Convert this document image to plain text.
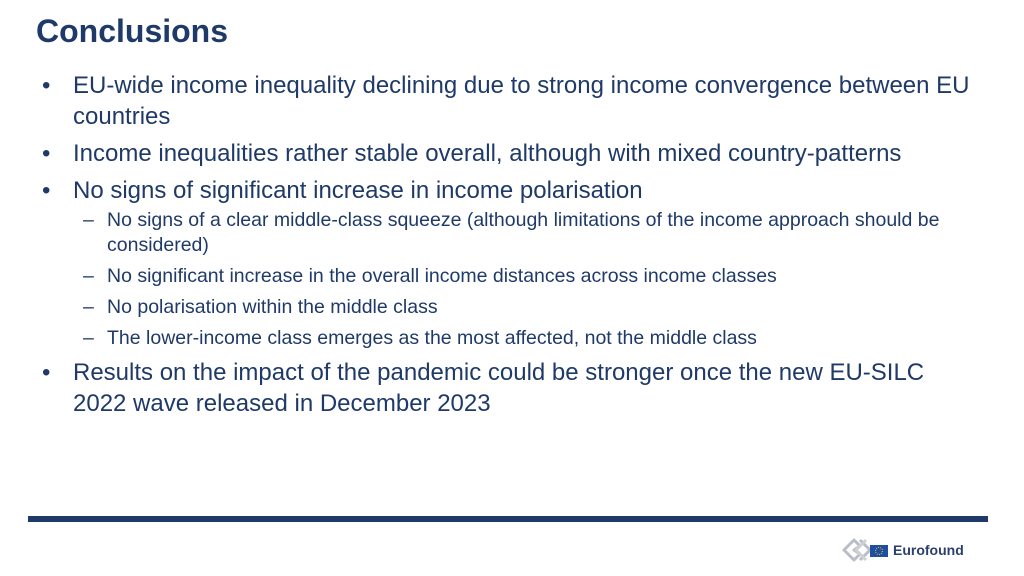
Conclusions
• EU-wide income inequality declining due to strong income convergence between EU countries
• Income inequalities rather stable overall, although with mixed country-patterns
• No signs of significant increase in income polarisation
– No signs of a clear middle-class squeeze (although limitations of the income approach should be considered)
– No significant increase in the overall income distances across income classes
– No polarisation within the middle class
– The lower-income class emerges as the most affected, not the middle class
• Results on the impact of the pandemic could be stronger once the new EU-SILC 2022 wave released in December 2023
Eurofound
